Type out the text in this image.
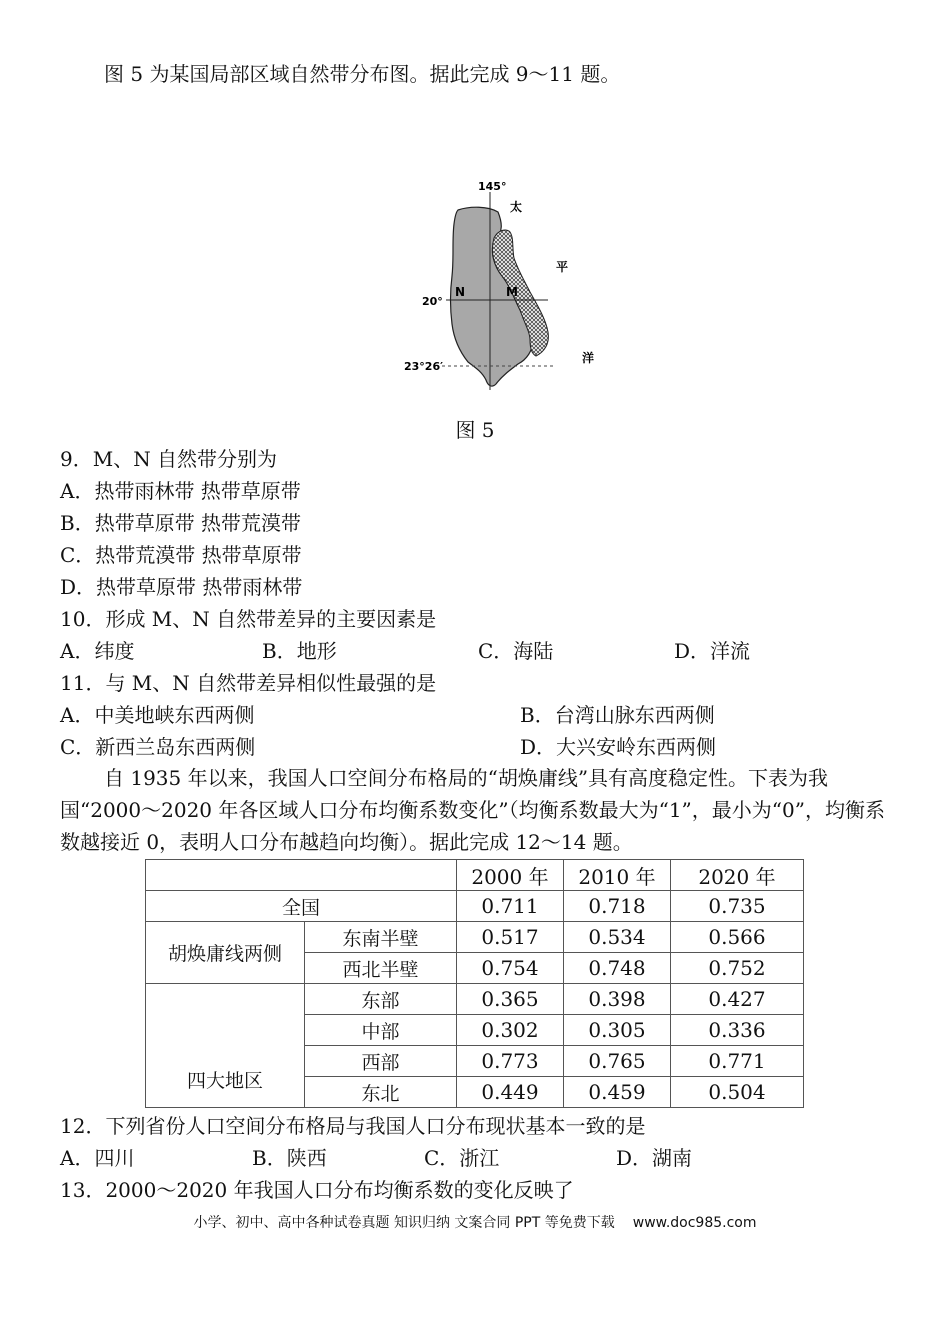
图 5 为某国局部区域自然带分布图。据此完成 9～11 题。
145°
20°
23°26′
N	M
太
平
洋
图 5
9．M、N 自然带分别为
A．热带雨林带 热带草原带
B．热带草原带 热带荒漠带
C．热带荒漠带 热带草原带
D．热带草原带 热带雨林带
10．形成 M、N 自然带差异的主要因素是
A．纬度	B．地形	C．海陆	D．洋流
11．与 M、N 自然带差异相似性最强的是
A．中美地峡东西两侧	B．台湾山脉东西两侧
C．新西兰岛东西两侧	D．大兴安岭东西两侧
自 1935 年以来，我国人口空间分布格局的“胡焕庸线”具有高度稳定性。下表为我国“2000～2020 年各区域人口分布均衡系数变化”（均衡系数最大为“1”，最小为“0”，均衡系数越接近 0，表明人口分布越趋向均衡）。据此完成 12～14 题。
		2000 年	2010 年	2020 年
全国		0.711	0.718	0.735
胡焕庸线两侧	东南半壁	0.517	0.534	0.566
	西北半壁	0.754	0.748	0.752
四大地区	东部	0.365	0.398	0.427
	中部	0.302	0.305	0.336
	西部	0.773	0.765	0.771
	东北	0.449	0.459	0.504
12．下列省份人口空间分布格局与我国人口分布现状基本一致的是
A．四川	B．陕西	C．浙江	D．湖南
13．2000～2020 年我国人口分布均衡系数的变化反映了
小学、初中、高中各种试卷真题 知识归纳 文案合同 PPT 等免费下载 www.doc985.com
